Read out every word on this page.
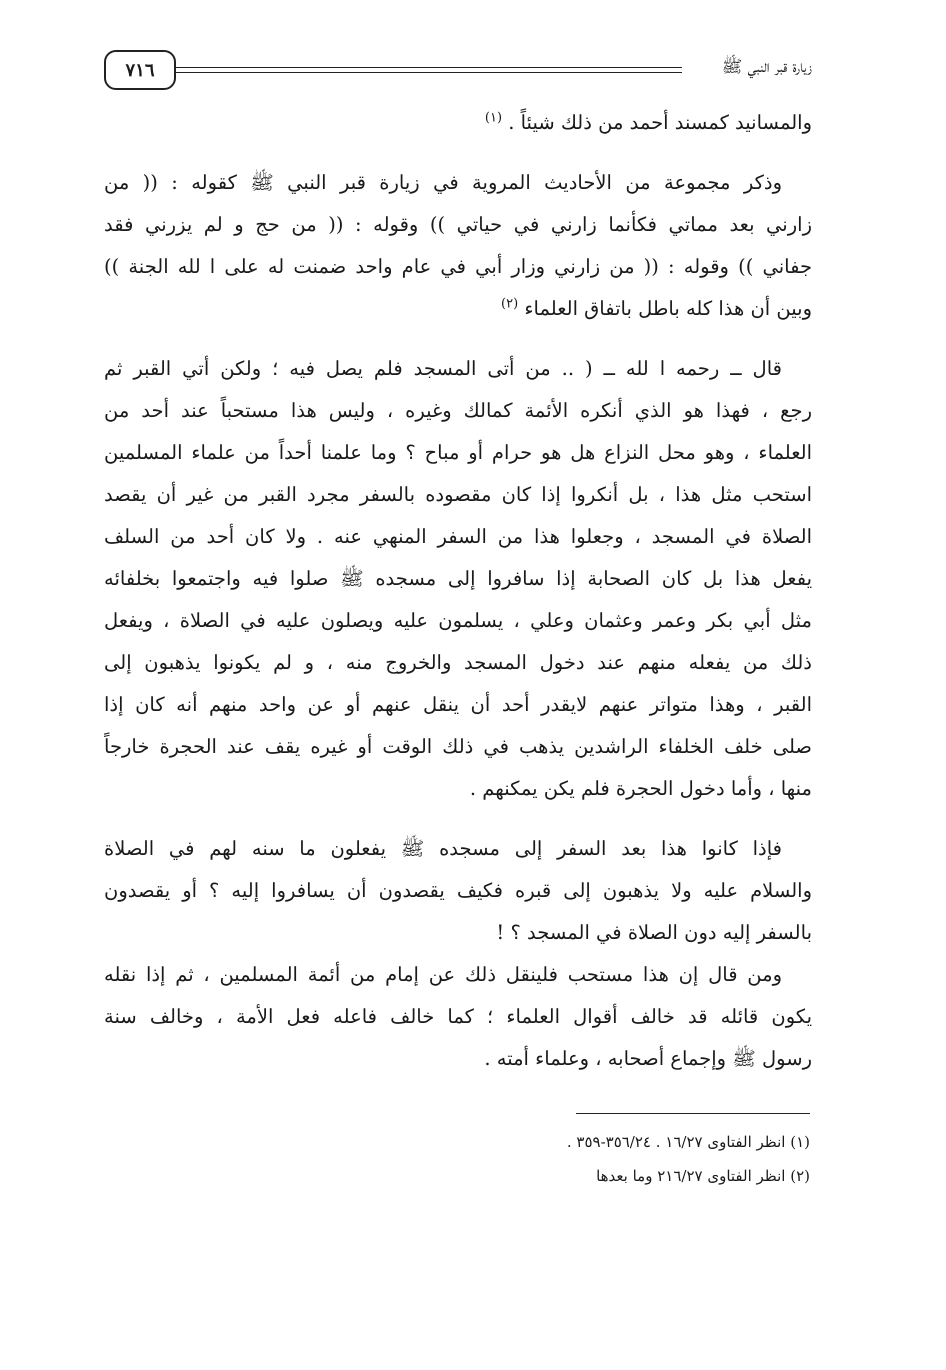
زيارة قبر النبي ﷺ
٧١٦
والمسانيد كمسند أحمد من ذلك شيئاً . $^{(١)}$
وذكر مجموعة من الأحاديث المروية في زيارة قبر النبي ﷺ كقوله : (( من
زارني بعد مماتي فكأنما زارني في حياتي )) وقوله : (( من حج و لم يزرني فقد
جفاني )) وقوله : (( من زارني وزار أبي في عام واحد ضمنت له على ا لله الجنة ))
وبين أن هذا كله باطل باتفاق العلماء $^{(٢)}$
قال ــ رحمه ا لله ــ ( .. من أتى المسجد فلم يصل فيه ؛ ولكن أتي القبر ثم
رجع ، فهذا هو الذي أنكره الأئمة كمالك وغيره ، وليس هذا مستحباً عند أحد من
العلماء ، وهو محل النزاع هل هو حرام أو مباح ؟ وما علمنا أحداً من علماء المسلمين
استحب مثل هذا ، بل أنكروا إذا كان مقصوده بالسفر مجرد القبر من غير أن يقصد
الصلاة في المسجد ، وجعلوا هذا من السفر المنهي عنه . ولا كان أحد من السلف
يفعل هذا بل كان الصحابة إذا سافروا إلى مسجده ﷺ صلوا فيه واجتمعوا بخلفائه
مثل أبي بكر وعمر وعثمان وعلي ، يسلمون عليه ويصلون عليه في الصلاة ، ويفعل
ذلك من يفعله منهم عند دخول المسجد والخروج منه ، و لم يكونوا يذهبون إلى
القبر ، وهذا متواتر عنهم لايقدر أحد أن ينقل عنهم أو عن واحد منهم أنه كان إذا
صلى خلف الخلفاء الراشدين يذهب في ذلك الوقت أو غيره يقف عند الحجرة خارجاً
منها ، وأما دخول الحجرة فلم يكن يمكنهم .
فإذا كانوا هذا بعد السفر إلى مسجده ﷺ يفعلون ما سنه لهم في الصلاة
والسلام عليه ولا يذهبون إلى قبره فكيف يقصدون أن يسافروا إليه ؟ أو يقصدون
بالسفر إليه دون الصلاة في المسجد ؟ !
ومن قال إن هذا مستحب فلينقل ذلك عن إمام من أئمة المسلمين ، ثم إذا نقله
يكون قائله قد خالف أقوال العلماء ؛ كما خالف فاعله فعل الأمة ، وخالف سنة
رسول ﷺ وإجماع أصحابه ، وعلماء أمته .
(١) انظر الفتاوى ١٦/٢٧ . ٣٥٦/٢٤-٣٥٩ .
(٢) انظر الفتاوى ٢١٦/٢٧ وما بعدها
